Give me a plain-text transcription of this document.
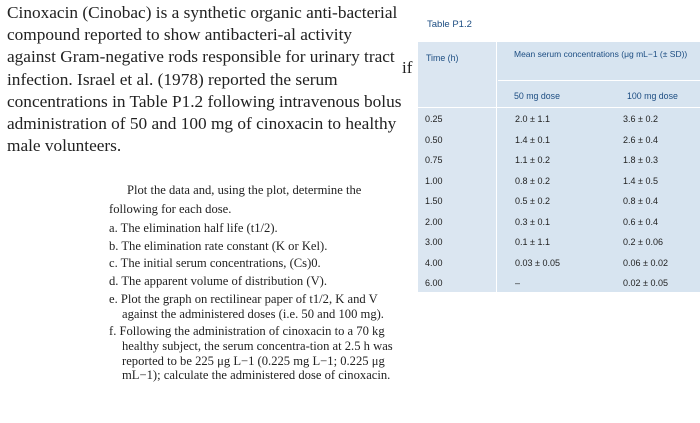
Cinoxacin (Cinobac) is a synthetic organic anti-bacterial compound reported to show antibacteri-al activity against Gram-negative rods responsible for urinary tract infection. Israel et al. (1978) reported the serum concentrations in Table P1.2 following intravenous bolus administration of 50 and 100 mg of cinoxacin to healthy male volunteers.

if

Plot the data and, using the plot, determine the following for each dose.

a. The elimination half life (t1/2).
b. The elimination rate constant (K or Kel).
c. The initial serum concentrations, (Cs)0.
d. The apparent volume of distribution (V).
e. Plot the graph on rectilinear paper of t1/2, K and V against the administered doses (i.e. 50 and 100 mg).
f. Following the administration of cinoxacin to a 70 kg healthy subject, the serum concentra-tion at 2.5 h was reported to be 225 μg L−1 (0.225 mg L−1; 0.225 μg mL−1); calculate the administered dose of cinoxacin.
Table P1.2
Time (h)	Mean serum concentrations (μg mL−1 (± SD))
50 mg dose	100 mg dose
0.25	2.0 ± 1.1	3.6 ± 0.2
0.50	1.4 ± 0.1	2.6 ± 0.4
0.75	1.1 ± 0.2	1.8 ± 0.3
1.00	0.8 ± 0.2	1.4 ± 0.5
1.50	0.5 ± 0.2	0.8 ± 0.4
2.00	0.3 ± 0.1	0.6 ± 0.4
3.00	0.1 ± 1.1	0.2 ± 0.06
4.00	0.03 ± 0.05	0.06 ± 0.02
6.00	–	0.02 ± 0.05
